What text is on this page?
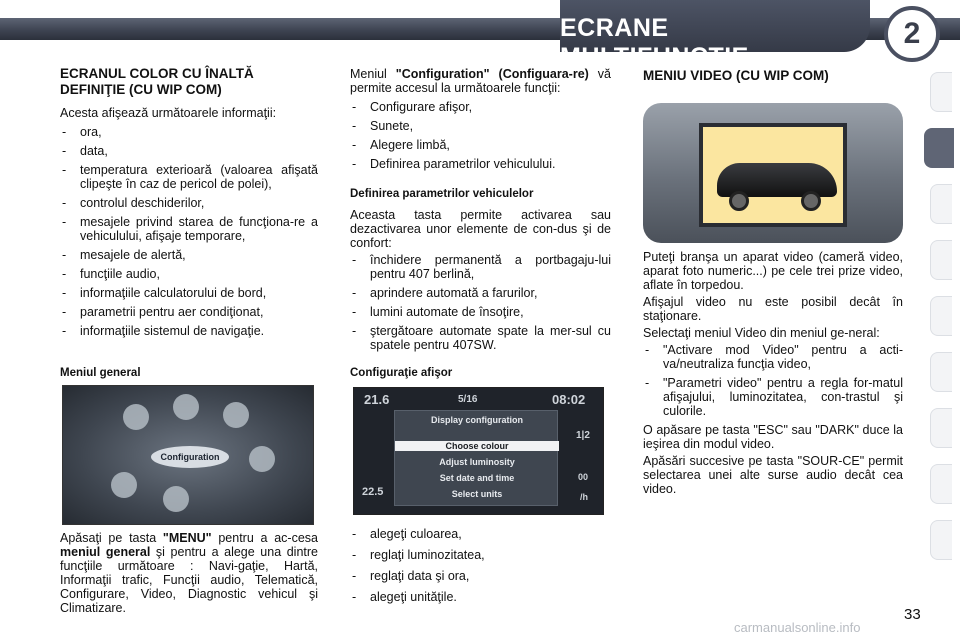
ECRANE MULTIFUNCŢIE
2
ECRANUL COLOR CU ÎNALTĂ DEFINIŢIE (CU WIP COM)

Acesta afişează următoarele informaţii:

- ora,
- data,
- temperatura exterioară (valoarea afişată clipeşte în caz de pericol de polei),
- controlul deschiderilor,
- mesajele privind starea de funcţiona-re a vehiculului, afişaje temporare,
- mesajele de alertă,
- funcţiile audio,
- informaţiile calculatorului de bord,
- parametrii pentru aer condiţionat,
- informaţiile sistemul de navigaţie.
Meniul general
Configuration

Apăsaţi pe tasta "MENU" pentru a ac-cesa meniul general şi pentru a alege una dintre funcţiile următoare : Navi-gaţie, Hartă, Informaţii trafic, Funcţii audio, Telematică, Configurare, Video, Diagnostic vehicul şi Climatizare.

Meniul "Configuration" (Configuara-re) vă permite accesul la următoarele funcţii:

- Configurare afişor,
- Sunete,
- Alegere limbă,
- Definirea parametrilor vehiculului.
Definirea parametrilor vehiculelor

Aceasta tasta permite activarea sau dezactivarea unor elemente de con-dus şi de confort:

- închidere permanentă a portbagaju-lui pentru 407 berlină,
- aprindere automată a farurilor,
- lumini automate de însoţire,
- ştergătoare automate spate la mer-sul cu spatele pentru 407SW.
Configuraţie afişor
21.6	5/16	08:02
Display configuration
Choose colour
Adjust luminosity
Set date and time
Select units
1|2
00
/h
22.5
- alegeţi culoarea,
- reglaţi luminozitatea,
- reglaţi data şi ora,
- alegeţi unităţile.
MENIU VIDEO (CU WIP COM)

Puteţi branşa un aparat video (cameră video, aparat foto numeric...) pe cele trei prize video, aflate în torpedou.

Afişajul video nu este posibil decât în staţionare.

Selectaţi meniul Video din meniul ge-neral:

- "Activare mod Video" pentru a acti-va/neutraliza funcţia video,
- "Parametri video" pentru a regla for-matul afişajului, luminozitatea, con-trastul şi culorile.

O apăsare pe tasta "ESC" sau "DARK" duce la ieşirea din modul video.

Apăsări succesive pe tasta "SOUR-CE" permit selectarea unei alte surse audio decât cea video.

carmanualsonline.info
33
